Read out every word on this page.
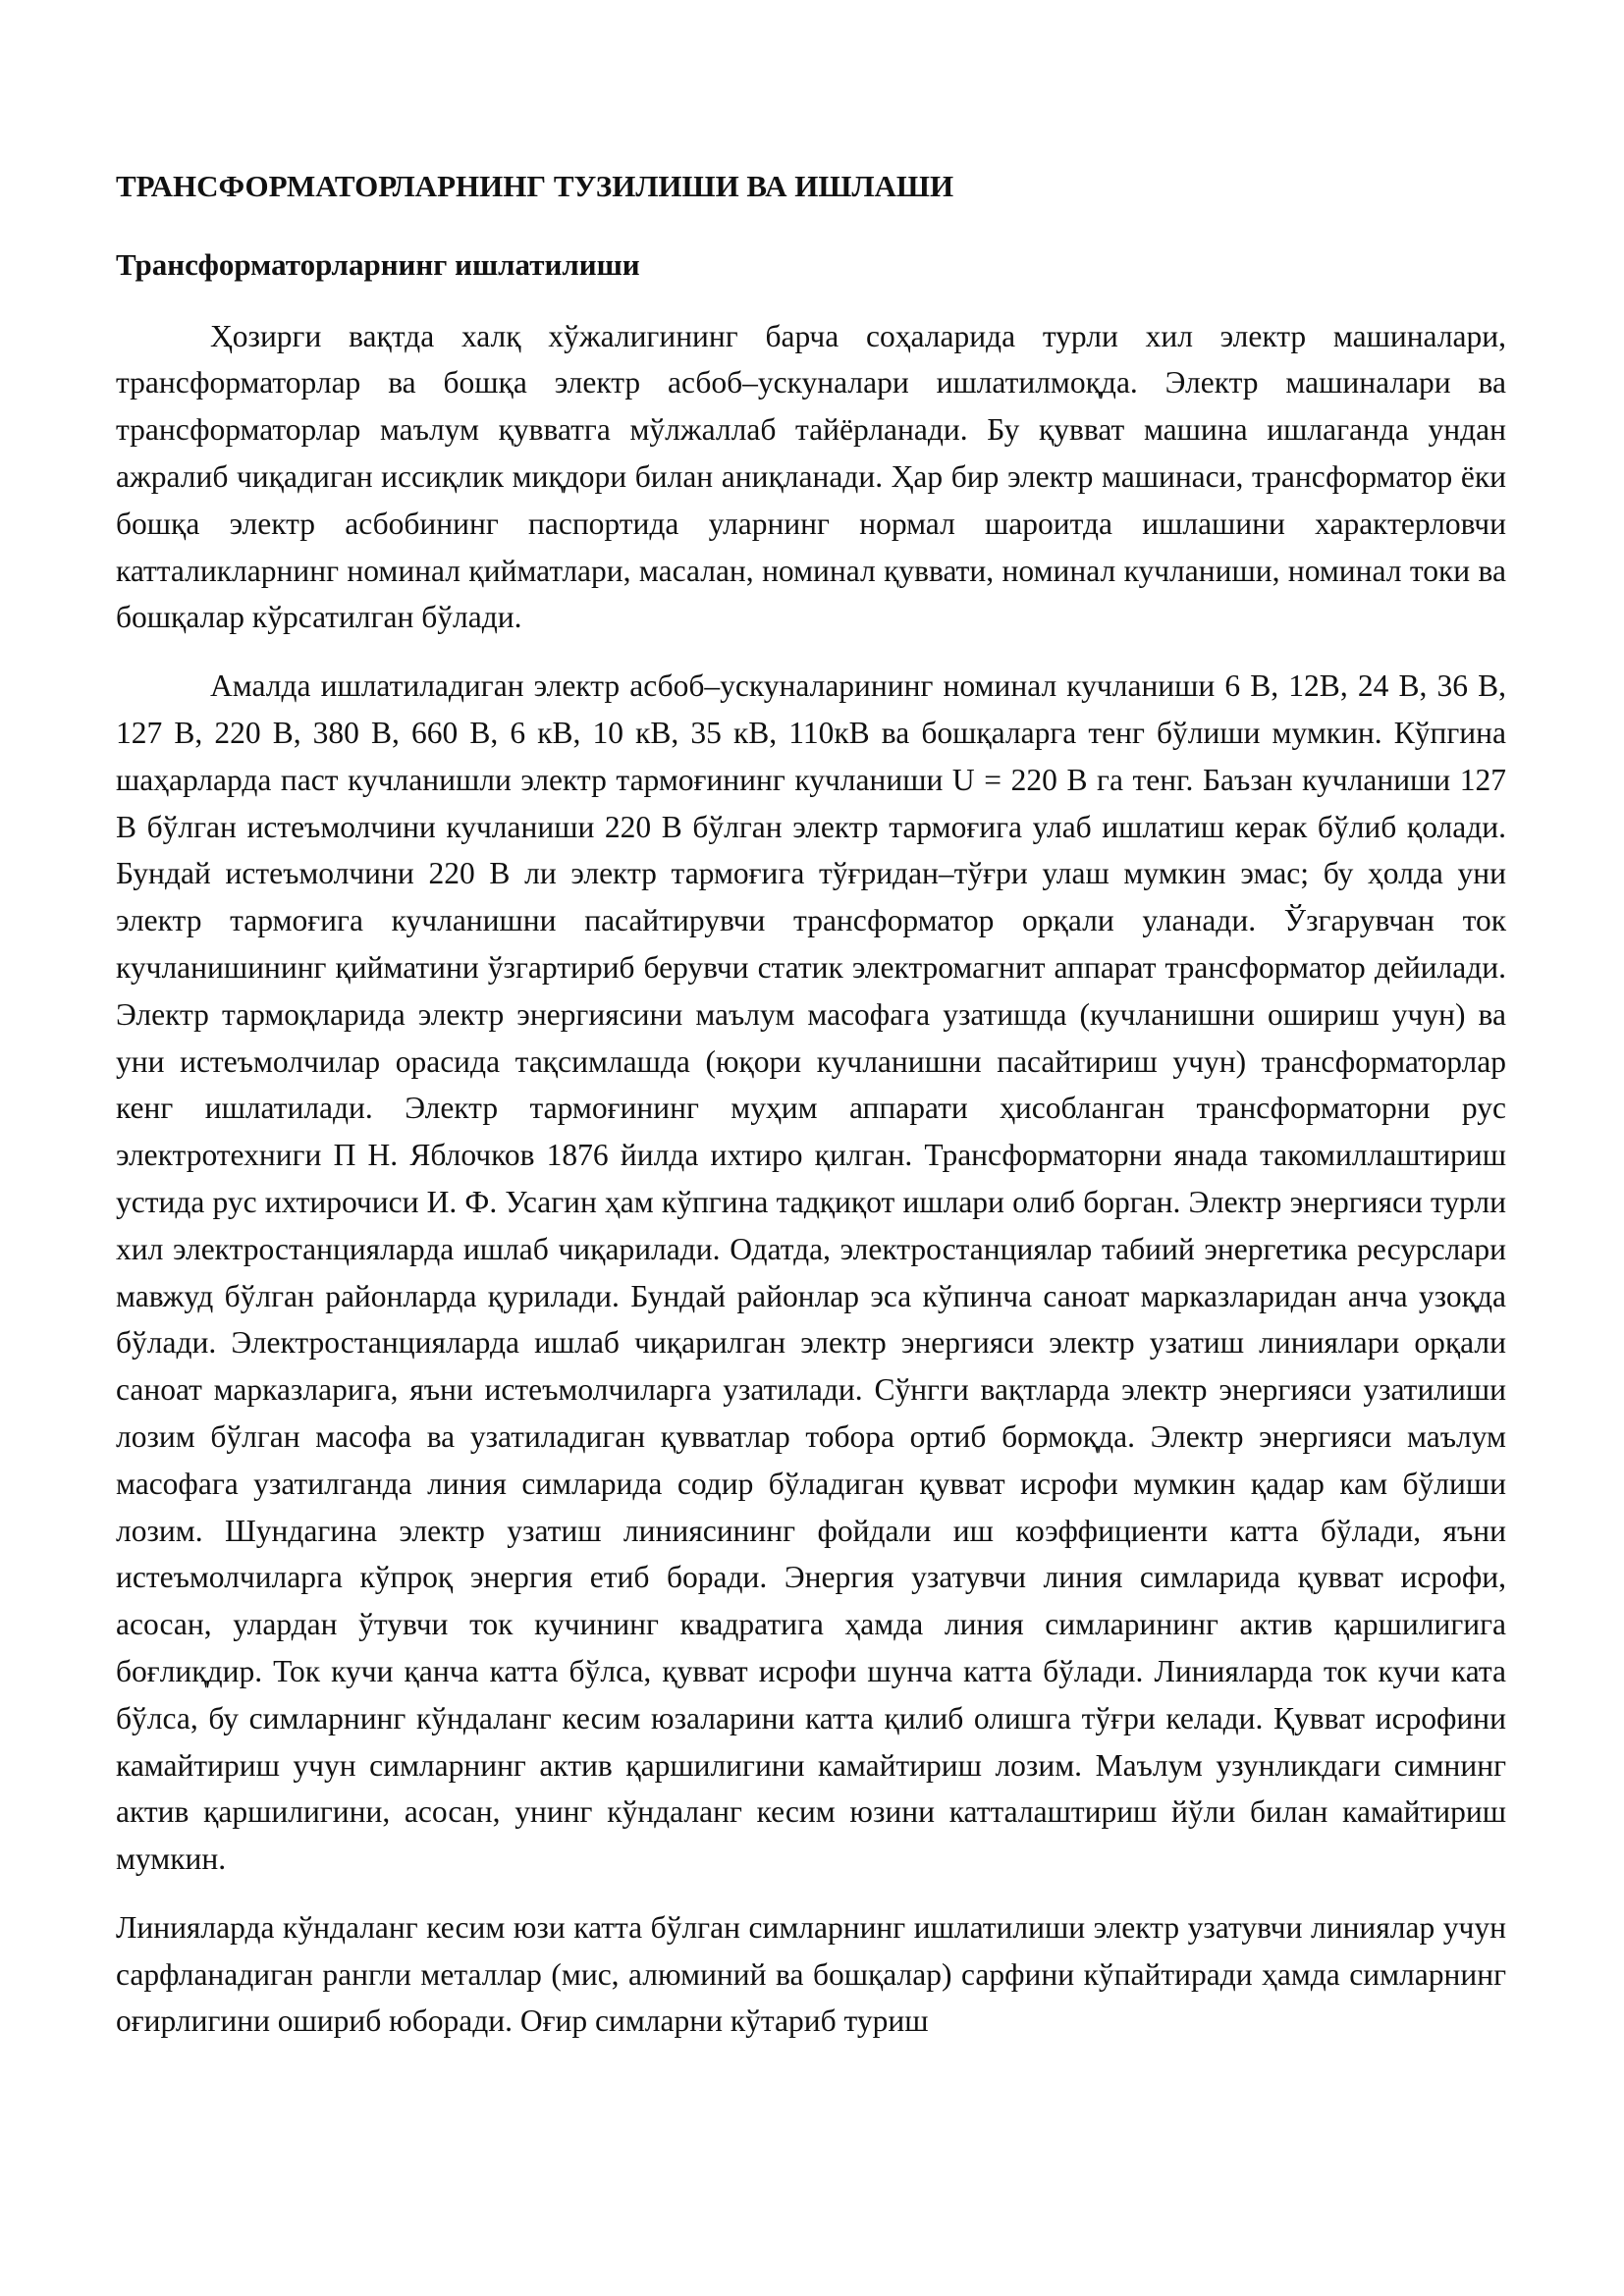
ТРАНСФОРМАТОРЛАРНИНГ ТУЗИЛИШИ ВА ИШЛАШИ
Трансформаторларнинг ишлатилиши

Ҳозирги вақтда халқ хўжалигининг барча соҳаларида турли хил электр машиналари, трансформаторлар ва бошқа электр асбоб–ускуналари ишлатилмоқда. Электр машиналари ва трансформаторлар маълум қувватга мўлжаллаб тайёрланади. Бу қувват машина ишлаганда ундан ажралиб чиқадиган иссиқлик миқдори билан аниқланади. Ҳар бир электр машинаси, трансформатор ёки бошқа электр асбобининг паспортида уларнинг нормал шароитда ишлашини характерловчи катталикларнинг номинал қийматлари, масалан, номинал қуввати, номинал кучланиши, номинал токи ва бошқалар кўрсатилган бўлади.

Амалда ишлатиладиган электр асбоб–ускуналарининг номинал кучланиши 6 В, 12В, 24 В, 36 В, 127 В, 220 В, 380 В, 660 В, 6 кВ, 10 кВ, 35 кВ, 110кВ ва бошқаларга тенг бўлиши мумкин. Кўпгина шаҳарларда паст кучланишли электр тармоғининг кучланиши U = 220 В га тенг. Баъзан кучланиши 127 В бўлган истеъмолчини кучланиши 220 В бўлган электр тармоғига улаб ишлатиш керак бўлиб қолади. Бундай истеъмолчини 220 В ли электр тармоғига тўғридан–тўғри улаш мумкин эмас; бу ҳолда уни электр тармоғига кучланишни пасайтирувчи трансформатор орқали уланади. Ўзгарувчан ток кучланишининг қийматини ўзгартириб берувчи статик электромагнит аппарат трансформатор дейилади. Электр тармоқларида электр энергиясини маълум масофага узатишда (кучланишни ошириш учун) ва уни истеъмолчилар орасида тақсимлашда (юқори кучланишни пасайтириш учун) трансформаторлар кенг ишлатилади. Электр тармоғининг муҳим аппарати ҳисобланган трансформаторни рус электротехниги П Н. Яблочков 1876 йилда ихтиро қилган. Трансформаторни янада такомиллаштириш устида рус ихтирочиси И. Ф. Усагин ҳам кўпгина тадқиқот ишлари олиб борган. Электр энергияси турли хил электростанцияларда ишлаб чиқарилади. Одатда, электростанциялар табиий энергетика ресурслари мавжуд бўлган районларда қурилади. Бундай районлар эса кўпинча саноат марказларидан анча узоқда бўлади. Электростанцияларда ишлаб чиқарилган электр энергияси электр узатиш линиялари орқали саноат марказларига, яъни истеъмолчиларга узатилади. Сўнгги вақтларда электр энергияси узатилиши лозим бўлган масофа ва узатиладиган қувватлар тобора ортиб бормоқда. Электр энергияси маълум масофага узатилганда линия симларида содир бўладиган қувват исрофи мумкин қадар кам бўлиши лозим. Шундагина электр узатиш линиясининг фойдали иш коэффициенти катта бўлади, яъни истеъмолчиларга кўпроқ энергия етиб боради. Энергия узатувчи линия симларида қувват исрофи, асосан, улардан ўтувчи ток кучининг квадратига ҳамда линия симларининг актив қаршилигига боғлиқдир. Ток кучи қанча катта бўлса, қувват исрофи шунча катта бўлади. Линияларда ток кучи ката бўлса, бу симларнинг кўндаланг кесим юзаларини катта қилиб олишга тўғри келади. Қувват исрофини камайтириш учун симларнинг актив қаршилигини камайтириш лозим. Маълум узунликдаги симнинг актив қаршилигини, асосан, унинг кўндаланг кесим юзини катталаштириш йўли билан камайтириш мумкин.

Линияларда кўндаланг кесим юзи катта бўлган симларнинг ишлатилиши электр узатувчи линиялар учун сарфланадиган рангли металлар (мис, алюминий ва бошқалар) сарфини кўпайтиради ҳамда симларнинг оғирлигини ошириб юборади. Оғир симларни кўтариб туриш
